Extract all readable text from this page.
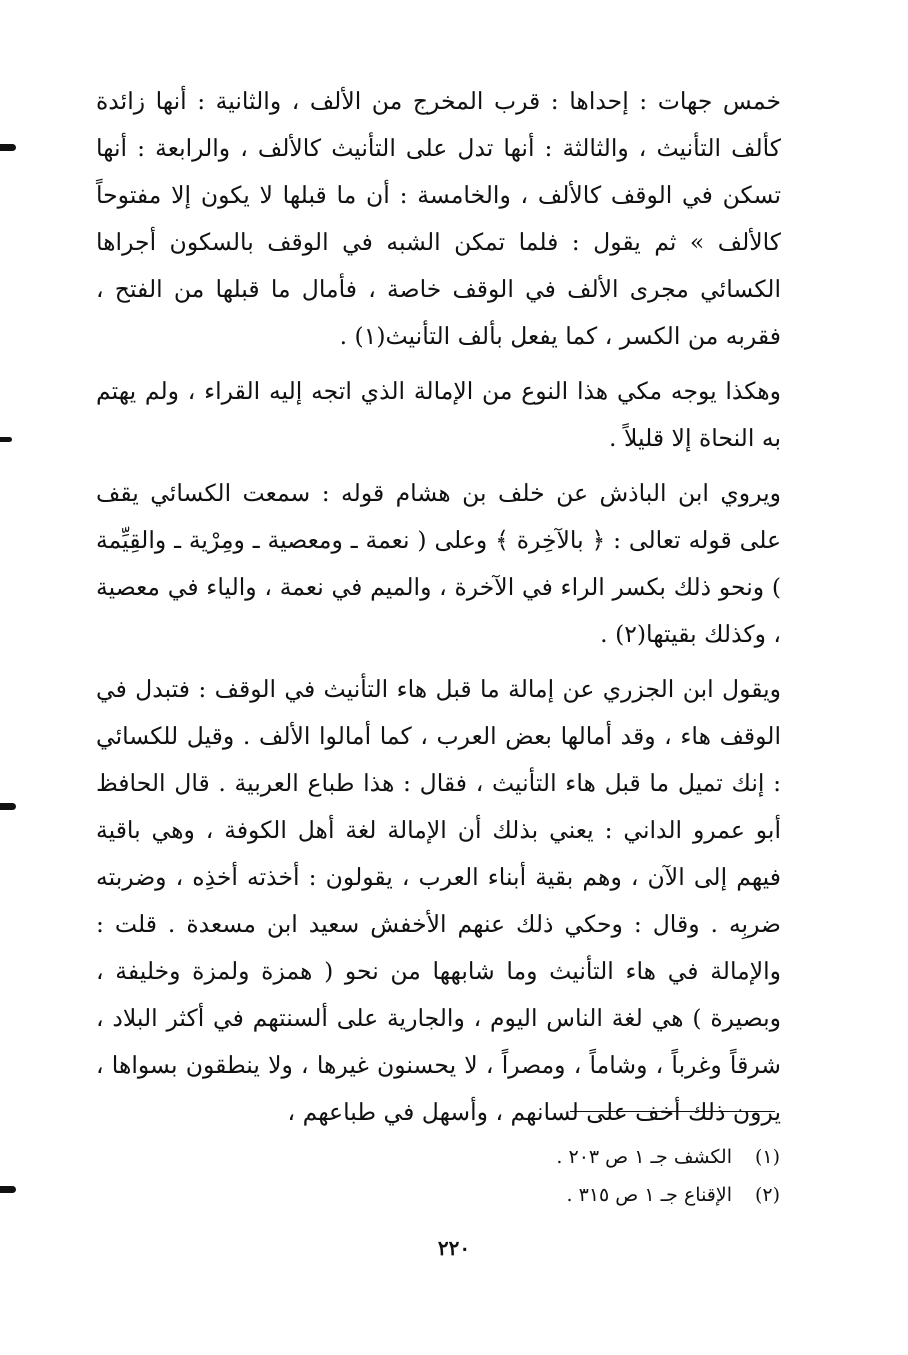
خمس جهات : إحداها : قرب المخرج من الألف ، والثانية : أنها زائدة كألف التأنيث ، والثالثة : أنها تدل على التأنيث كالألف ، والرابعة : أنها تسكن في الوقف كالألف ، والخامسة : أن ما قبلها لا يكون إلا مفتوحاً كالألف » ثم يقول : فلما تمكن الشبه في الوقف بالسكون أجراها الكسائي مجرى الألف في الوقف خاصة ، فأمال ما قبلها من الفتح ، فقربه من الكسر ، كما يفعل بألف التأنيث(١) .

وهكذا يوجه مكي هذا النوع من الإمالة الذي اتجه إليه القراء ، ولم يهتم به النحاة إلا قليلاً .

ويروي ابن الباذش عن خلف بن هشام قوله : سمعت الكسائي يقف على قوله تعالى : ﴿ بالآخِرة ﴾ وعلى ( نعمة ـ ومعصية ـ ومِرْية ـ والقِيِّمة ) ونحو ذلك بكسر الراء في الآخرة ، والميم في نعمة ، والياء في معصية ، وكذلك بقيتها(٢) .

ويقول ابن الجزري عن إمالة ما قبل هاء التأنيث في الوقف : فتبدل في الوقف هاء ، وقد أمالها بعض العرب ، كما أمالوا الألف . وقيل للكسائي : إنك تميل ما قبل هاء التأنيث ، فقال : هذا طباع العربية . قال الحافظ أبو عمرو الداني : يعني بذلك أن الإمالة لغة أهل الكوفة ، وهي باقية فيهم إلى الآن ، وهم بقية أبناء العرب ، يقولون : أخذته أخذِه ، وضربته ضربِه . وقال : وحكي ذلك عنهم الأخفش سعيد ابن مسعدة . قلت : والإمالة في هاء التأنيث وما شابهها من نحو ( همزة ولمزة وخليفة ، وبصيرة ) هي لغة الناس اليوم ، والجارية على ألسنتهم في أكثر البلاد ، شرقاً وغرباً ، وشاماً ، ومصراً ، لا يحسنون غيرها ، ولا ينطقون بسواها ، يرون ذلك أخف على لسانهم ، وأسهل في طباعهم ،

(١)
الكشف جـ ١ ص ٢٠٣ .
(٢)
الإقناع جـ ١ ص ٣١٥ .
٢٢٠
